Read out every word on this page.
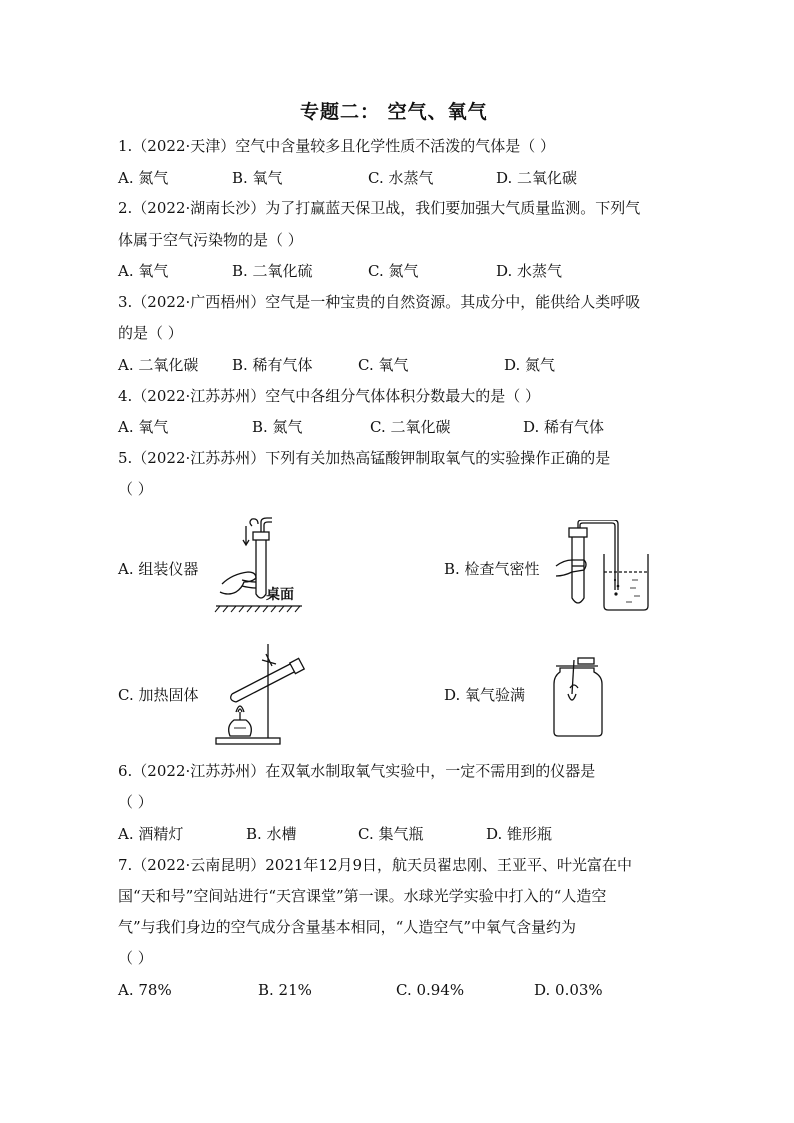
专题二： 空气、氧气
1.（2022·天津）空气中含量较多且化学性质不活泼的气体是（ ）
A. 氮气	B. 氧气	C. 水蒸气	D. 二氧化碳
2.（2022·湖南长沙）为了打赢蓝天保卫战，我们要加强大气质量监测。下列气
体属于空气污染物的是（ ）
A. 氧气	B. 二氧化硫	C. 氮气	D. 水蒸气
3.（2022·广西梧州）空气是一种宝贵的自然资源。其成分中，能供给人类呼吸
的是（ ）
A. 二氧化碳 B. 稀有气体	C. 氧气	D. 氮气
4.（2022·江苏苏州）空气中各组分气体体积分数最大的是（ ）
A. 氧气	B. 氮气	C. 二氧化碳	D. 稀有气体
5.（2022·江苏苏州）下列有关加热高锰酸钾制取氧气的实验操作正确的是
（ ）
A. 组装仪器	B. 检查气密性
C. 加热固体	D. 氧气验满
桌面
6.（2022·江苏苏州）在双氧水制取氧气实验中，一定不需用到的仪器是
（ ）
A. 酒精灯	B. 水槽	C. 集气瓶	D. 锥形瓶
7.（2022·云南昆明）2021年12月9日，航天员翟忠刚、王亚平、叶光富在中
国“天和号”空间站进行“天宫课堂”第一课。水球光学实验中打入的“人造空
气”与我们身边的空气成分含量基本相同，“人造空气”中氧气含量约为
（ ）
A. 78%	B. 21%	C. 0.94%	D. 0.03%
